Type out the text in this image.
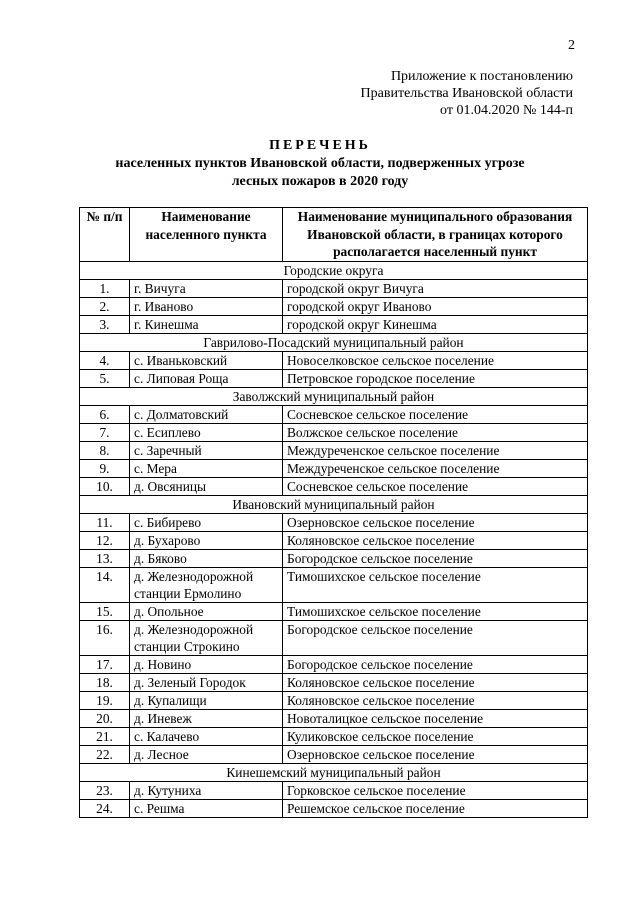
2
Приложение к постановлению
Правительства Ивановской области
от 01.04.2020 № 144-п
ПЕРЕЧЕНЬ
населенных пунктов Ивановской области, подверженных угрозе
лесных пожаров в 2020 году
№ п/п	Наименование населенного пункта	Наименование муниципального образования Ивановской области, в границах которого располагается населенный пункт
Городские округа		
1.	г. Вичуга	городской округ Вичуга
2.	г. Иваново	городской округ Иваново
3.	г. Кинешма	городской округ Кинешма
Гаврилово-Посадский муниципальный район		
4.	с. Иваньковский	Новоселковское сельское поселение
5.	с. Липовая Роща	Петровское городское поселение
Заволжский муниципальный район		
6.	с. Долматовский	Сосневское сельское поселение
7.	с. Есиплево	Волжское сельское поселение
8.	с. Заречный	Междуреченское сельское поселение
9.	с. Мера	Междуреченское сельское поселение
10.	д. Овсяницы	Сосневское сельское поселение
Ивановский муниципальный район		
11.	с. Бибирево	Озерновское сельское поселение
12.	д. Бухарово	Коляновское сельское поселение
13.	д. Бяково	Богородское сельское поселение
14.	д. Железнодорожной станции Ермолино	Тимошихское сельское поселение
15.	д. Опольное	Тимошихское сельское поселение
16.	д. Железнодорожной станции Строкино	Богородское сельское поселение
17.	д. Новино	Богородское сельское поселение
18.	д. Зеленый Городок	Коляновское сельское поселение
19.	д. Купалищи	Коляновское сельское поселение
20.	д. Иневеж	Новоталицкое сельское поселение
21.	с. Калачево	Куликовское сельское поселение
22.	д. Лесное	Озерновское сельское поселение
Кинешемский муниципальный район		
23.	д. Кутуниха	Горковское сельское поселение
24.	с. Решма	Решемское сельское поселение
